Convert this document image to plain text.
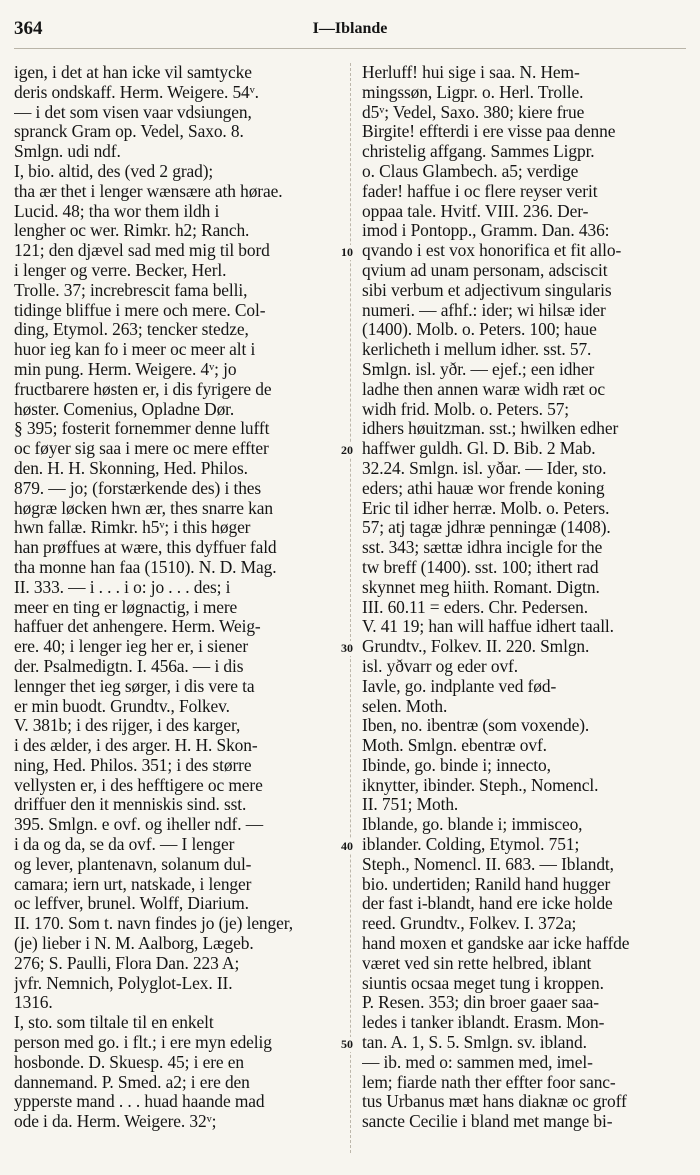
364	I—Iblande
10
20
30
40
50
igen, i det at han icke vil samtycke
deris ondskaff. Herm. Weigere. 54ᵛ.
— i det som visen vaar vdsiungen,
spranck Gram op. Vedel, Saxo. 8.
Smlgn. udi ndf.
I, bio. altid, des (ved 2 grad);
tha ær thet i lenger wænsære ath hørae.
Lucid. 48; tha wor them ildh i
lengher oc wer. Rimkr. h2; Ranch.
121; den djævel sad med mig til bord
i lenger og verre. Becker, Herl.
Trolle. 37; increbrescit fama belli,
tidinge bliffue i mere och mere. Col-
ding, Etymol. 263; tencker stedze,
huor ieg kan fo i meer oc meer alt i
min pung. Herm. Weigere. 4ᵛ; jo
fructbarere høsten er, i dis fyrigere de
høster. Comenius, Opladne Dør.
§ 395; fosterit fornemmer denne lufft
oc føyer sig saa i mere oc mere effter
den. H. H. Skonning, Hed. Philos.
879. — jo; (forstærkende des) i thes
høgræ løcken hwn ær, thes snarre kan
hwn fallæ. Rimkr. h5ᵛ; i this høger
han prøffues at wære, this dyffuer fald
tha monne han faa (1510). N. D. Mag.
II. 333. — i . . . i o: jo . . . des; i
meer en ting er løgnactig, i mere
haffuer det anhengere. Herm. Weig-
ere. 40; i lenger ieg her er, i siener
der. Psalmedigtn. I. 456a. — i dis
lennger thet ieg sørger, i dis vere ta
er min buodt. Grundtv., Folkev.
V. 381b; i des rijger, i des karger,
i des ælder, i des arger. H. H. Skon-
ning, Hed. Philos. 351; i des større
vellysten er, i des hefftigere oc mere
driffuer den it menniskis sind. sst.
395. Smlgn. e ovf. og iheller ndf. —
i da og da, se da ovf. — I lenger
og lever, plantenavn, solanum dul-
camara; iern urt, natskade, i lenger
oc leffver, brunel. Wolff, Diarium.
II. 170. Som t. navn findes jo (je) lenger,
(je) lieber i N. M. Aalborg, Lægeb.
276; S. Paulli, Flora Dan. 223 A;
jvfr. Nemnich, Polyglot-Lex. II.
1316.
I, sto. som tiltale til en enkelt
person med go. i flt.; i ere myn edelig
hosbonde. D. Skuesp. 45; i ere en
dannemand. P. Smed. a2; i ere den
ypperste mand . . . huad haande mad
ode i da. Herm. Weigere. 32ᵛ;
Herluff! hui sige i saa. N. Hem-
mingssøn, Ligpr. o. Herl. Trolle.
d5ᵛ; Vedel, Saxo. 380; kiere frue
Birgite! effterdi i ere visse paa denne
christelig affgang. Sammes Ligpr.
o. Claus Glambech. a5; verdige
fader! haffue i oc flere reyser verit
oppaa tale. Hvitf. VIII. 236. Der-
imod i Pontopp., Gramm. Dan. 436:
qvando i est vox honorifica et fit allo-
qvium ad unam personam, adsciscit
sibi verbum et adjectivum singularis
numeri. — afhf.: ider; wi hilsæ ider
(1400). Molb. o. Peters. 100; haue
kerlicheth i mellum idher. sst. 57.
Smlgn. isl. yðr. — ejef.; een idher
ladhe then annen waræ widh ræt oc
widh frid. Molb. o. Peters. 57;
idhers høuitzman. sst.; hwilken edher
haffwer guldh. Gl. D. Bib. 2 Mab.
32.24. Smlgn. isl. yðar. — Ider, sto.
eders; athi hauæ wor frende koning
Eric til idher herræ. Molb. o. Peters.
57; atj tagæ jdhræ penningæ (1408).
sst. 343; sættæ idhra incigle for the
tw breff (1400). sst. 100; ithert rad
skynnet meg hiith. Romant. Digtn.
III. 60.11 = eders. Chr. Pedersen.
V. 41 19; han will haffue idhert taall.
Grundtv., Folkev. II. 220. Smlgn.
isl. yðvarr og eder ovf.
Iavle, go. indplante ved fød-
selen. Moth.
Iben, no. ibentræ (som voxende).
Moth. Smlgn. ebentræ ovf.
Ibinde, go. binde i; innecto,
iknytter, ibinder. Steph., Nomencl.
II. 751; Moth.
Iblande, go. blande i; immisceo,
iblander. Colding, Etymol. 751;
Steph., Nomencl. II. 683. — Iblandt,
bio. undertiden; Ranild hand hugger
der fast i-blandt, hand ere icke holde
reed. Grundtv., Folkev. I. 372a;
hand moxen et gandske aar icke haffde
været ved sin rette helbred, iblant
siuntis ocsaa meget tung i kroppen.
P. Resen. 353; din broer gaaer saa-
ledes i tanker iblandt. Erasm. Mon-
tan. A. 1, S. 5. Smlgn. sv. ibland.
— ib. med o: sammen med, imel-
lem; fiarde nath ther effter foor sanc-
tus Urbanus mæt hans diaknæ oc groff
sancte Cecilie i bland met mange bi-
